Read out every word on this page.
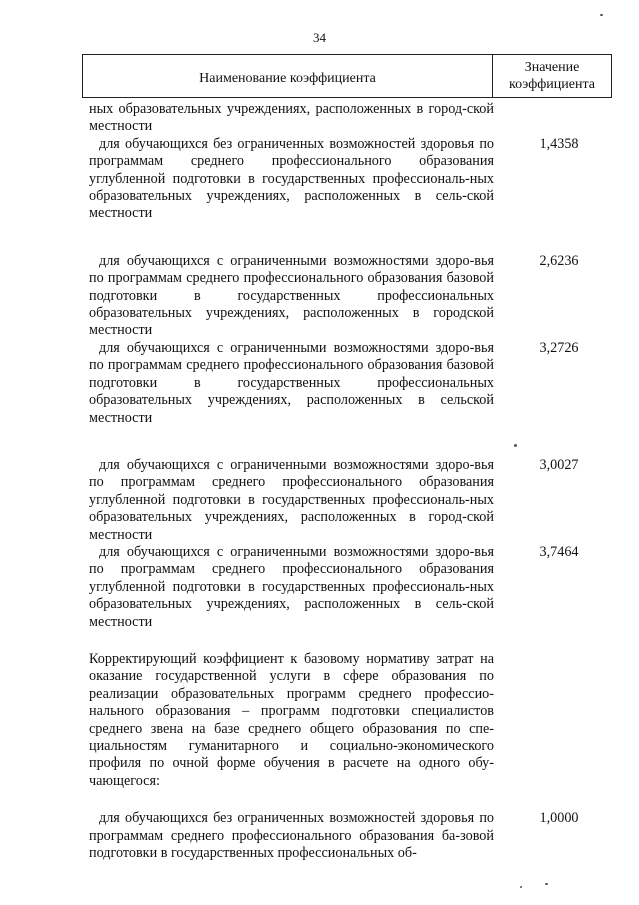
34
Наименование коэффициента
Значение
коэффициента
ных образовательных учреждениях, расположенных в город-ской местности
для обучающихся без ограниченных возможностей здоровья по программам среднего профессионального образования углубленной подготовки в государственных профессиональ-ных образовательных учреждениях, расположенных в сель-ской местности
1,4358
для обучающихся с ограниченными возможностями здоро-вья по программам среднего профессионального образования базовой подготовки в государственных профессиональных образовательных учреждениях, расположенных в городской местности
2,6236
для обучающихся с ограниченными возможностями здоро-вья по программам среднего профессионального образования базовой подготовки в государственных профессиональных образовательных учреждениях, расположенных в сельской местности
3,2726
для обучающихся с ограниченными возможностями здоро-вья по программам среднего профессионального образования углубленной подготовки в государственных профессиональ-ных образовательных учреждениях, расположенных в город-ской местности
3,0027
для обучающихся с ограниченными возможностями здоро-вья по программам среднего профессионального образования углубленной подготовки в государственных профессиональ-ных образовательных учреждениях, расположенных в сель-ской местности
3,7464
Корректирующий коэффициент к базовому нормативу затрат на оказание государственной услуги в сфере образования по реализации образовательных программ среднего профессио-нального образования – программ подготовки специалистов среднего звена на базе среднего общего образования по спе-циальностям гуманитарного и социально-экономического профиля по очной форме обучения в расчете на одного обу-чающегося:
для обучающихся без ограниченных возможностей здоровья по программам среднего профессионального образования ба-зовой подготовки в государственных профессиональных об-
1,0000
